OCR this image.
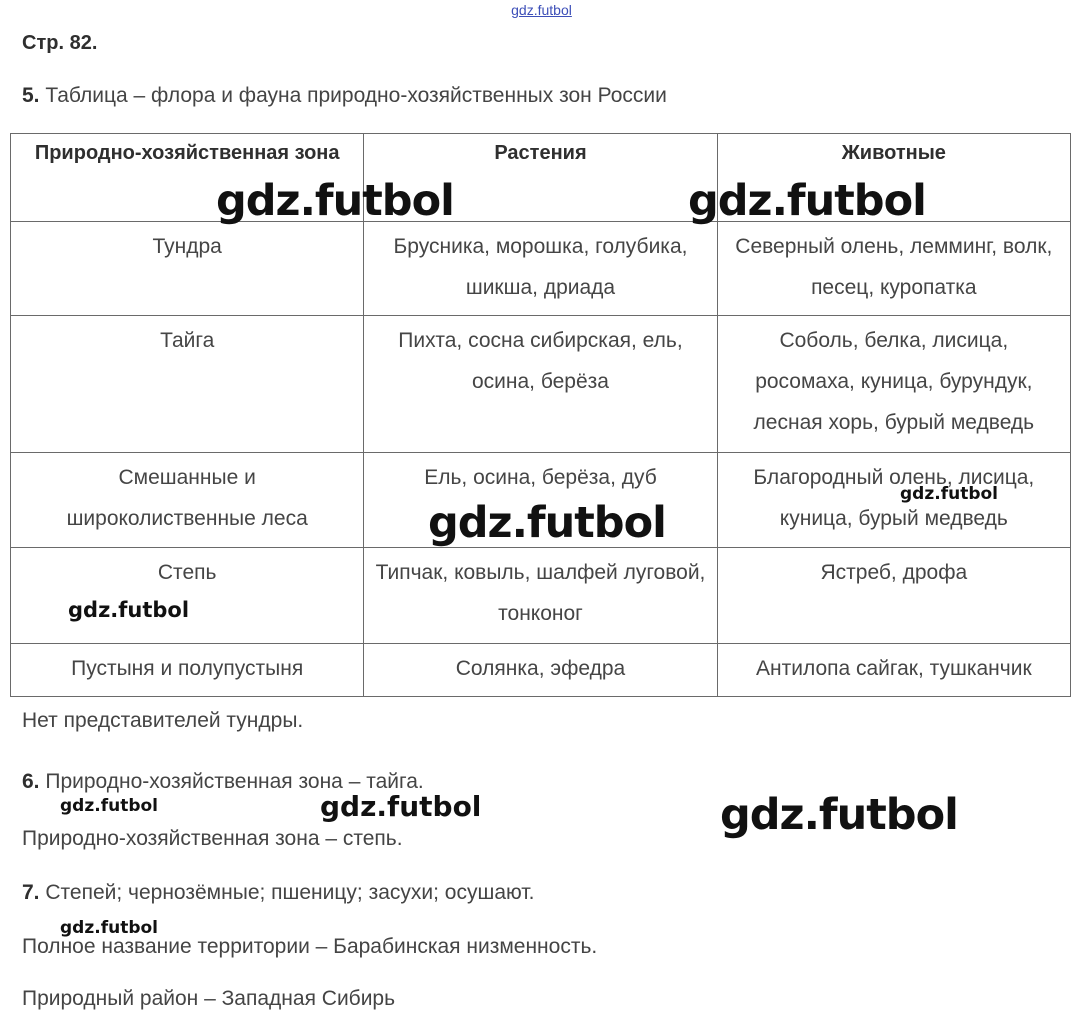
gdz.futbol
Стр. 82.
5. Таблица – флора и фауна природно-хозяйственных зон России
Природно-хозяйственная зона	Растения	Животные
Тундра	Брусника, морошка, голубика, шикша, дриада	Северный олень, лемминг, волк, песец, куропатка
Тайга	Пихта, сосна сибирская, ель, осина, берёза	Соболь, белка, лисица, росомаха, куница, бурундук, лесная хорь, бурый медведь
Смешанные и широколиственные леса	Ель, осина, берёза, дуб	Благородный олень, лисица, куница, бурый медведь
Степь	Типчак, ковыль, шалфей луговой, тонконог	Ястреб, дрофа
Пустыня и полупустыня	Солянка, эфедра	Антилопа сайгак, тушканчик
Нет представителей тундры.
6. Природно-хозяйственная зона – тайга.
Природно-хозяйственная зона – степь.
7. Степей; чернозёмные; пшеницу; засухи; осушают.
Полное название территории – Барабинская низменность.
Природный район – Западная Сибирь
gdz.futbol	gdz.futbol
gdz.futbol
gdz.futbol
gdz.futbol
gdz.futbol	gdz.futbol	gdz.futbol
gdz.futbol
